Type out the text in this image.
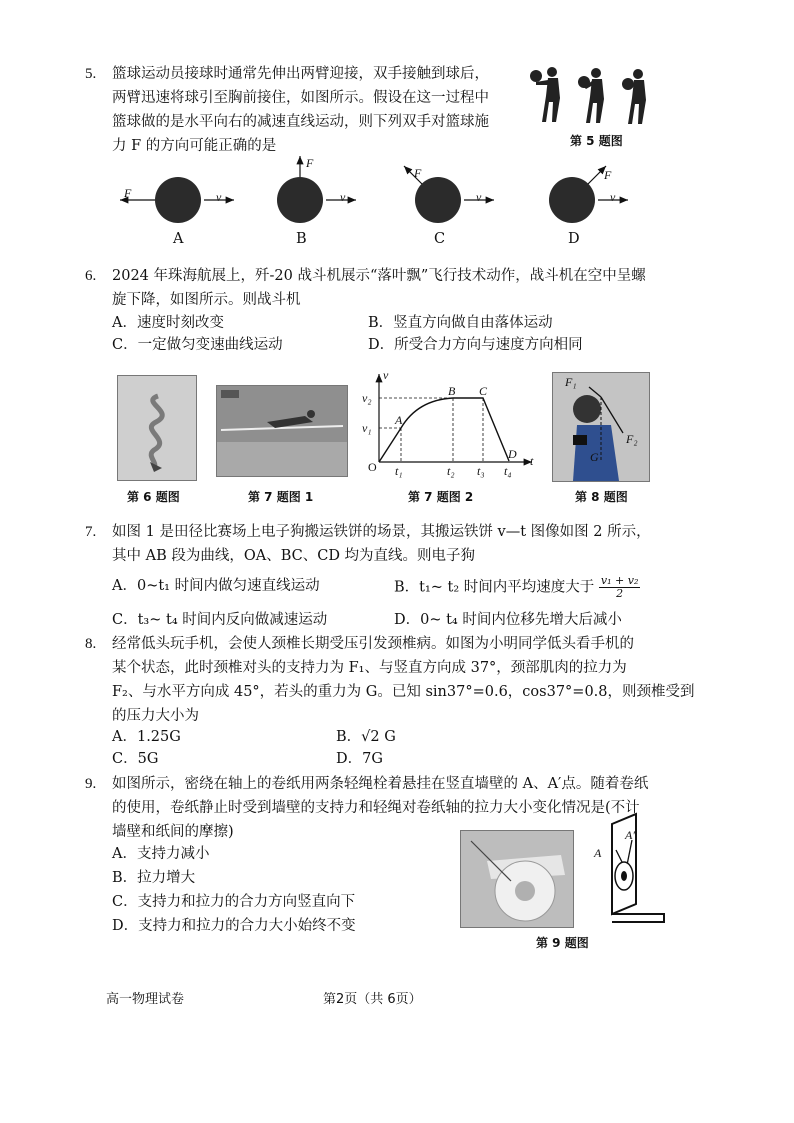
5. 篮球运动员接球时通常先伸出两臂迎接，双手接触到球后，
两臂迅速将球引至胸前接住，如图所示。假设在这一过程中
篮球做的是水平向右的减速直线运动，则下列双手对篮球施
力 F 的方向可能正确的是	第 5 题图
F	v
F
v
F
v
F
v
A	B	C	D
6. 2024 年珠海航展上，歼-20 战斗机展示“落叶飘”飞行技术动作，战斗机在空中呈螺
旋下降，如图所示。则战斗机
A．速度时刻改变	B．竖直方向做自由落体运动
C．一定做匀变速曲线运动	D．所受合力方向与速度方向相同
第 6 题图	第 7 题图 1
v
t
O
v₂
v₁
A
B C
D
t₁	t₂ t₃ t₄
第 7 题图 2
F₁
F₂
G
第 8 题图
7. 如图 1 是田径比赛场上电子狗搬运铁饼的场景，其搬运铁饼 v—t 图像如图 2 所示，
其中 AB 段为曲线，OA、BC、CD 均为直线。则电子狗
A．0~t₁ 时间内做匀速直线运动	B．t₁~ t₂ 时间内平均速度大于 $\frac{\text{v₁ + v₂}}{2}$
C．t₃~ t₄ 时间内反向做减速运动	D．0~ t₄ 时间内位移先增大后减小
8. 经常低头玩手机，会使人颈椎长期受压引发颈椎病。如图为小明同学低头看手机的
某个状态，此时颈椎对头的支持力为 F₁、与竖直方向成 37°，颈部肌肉的拉力为
F₂、与水平方向成 45°，若头的重力为 G。已知 sin37°=0.6，cos37°=0.8，则颈椎受到
的压力大小为
A．1.25G	B．√2 G
C．5G	D．7G
9. 如图所示，密绕在轴上的卷纸用两条轻绳栓着悬挂在竖直墙壁的 A、A′点。随着卷纸
的使用，卷纸静止时受到墙壁的支持力和轻绳对卷纸轴的拉力大小变化情况是(不计
墙壁和纸间的摩擦)
A．支持力减小
B．拉力增大
C．支持力和拉力的合力方向竖直向下
D．支持力和拉力的合力大小始终不变
A
A′
第 9 题图
高一物理试卷	第2页（共 6页）
